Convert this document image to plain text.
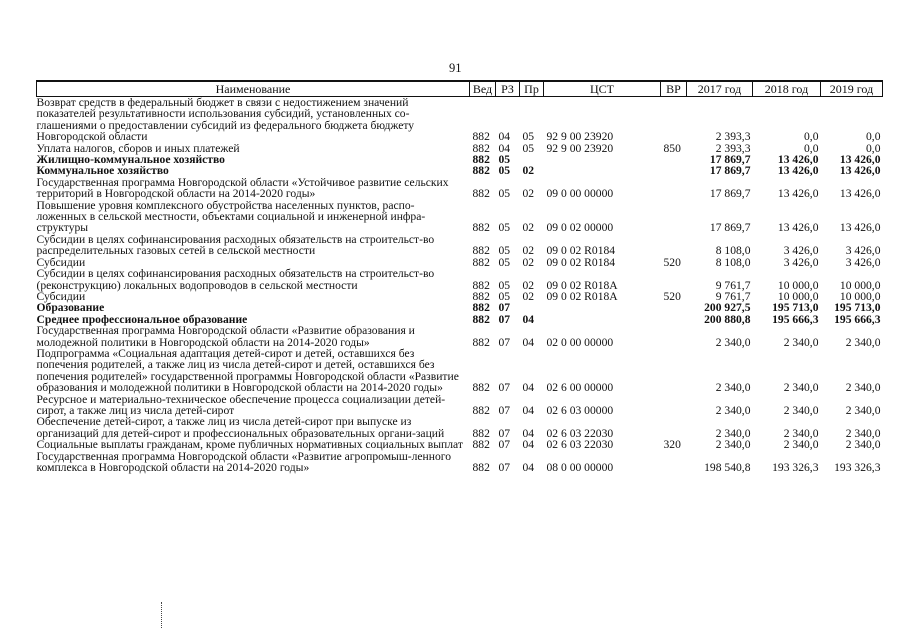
91
Наименование	Вед	РЗ	Пр	ЦСТ	ВР	2017 год	2018 год	2019 год
Возврат средств в федеральный бюджет в связи с недостижением значений показателей результативности использования субсидий, установленных со-глашениями о предоставлении субсидий из федерального бюджета бюджету Новгородской области	882	04	05	92 9 00 23920		2 393,3	0,0	0,0
Уплата налогов, сборов и иных платежей	882	04	05	92 9 00 23920	850	2 393,3	0,0	0,0
Жилищно-коммунальное хозяйство	882	05				17 869,7	13 426,0	13 426,0
Коммунальное хозяйство	882	05	02			17 869,7	13 426,0	13 426,0
Государственная программа Новгородской области «Устойчивое развитие сельских территорий в Новгородской области на 2014-2020 годы»	882	05	02	09 0 00 00000		17 869,7	13 426,0	13 426,0
Повышение уровня комплексного обустройства населенных пунктов, распо-ложенных в сельской местности, объектами социальной и инженерной инфра-структуры	882	05	02	09 0 02 00000		17 869,7	13 426,0	13 426,0
Субсидии в целях софинансирования расходных обязательств на строительст-во распределительных газовых сетей в сельской местности	882	05	02	09 0 02 R0184		8 108,0	3 426,0	3 426,0
Субсидии	882	05	02	09 0 02 R0184	520	8 108,0	3 426,0	3 426,0
Субсидии в целях софинансирования расходных обязательств на строительст-во (реконструкцию) локальных водопроводов в сельской местности	882	05	02	09 0 02 R018A		9 761,7	10 000,0	10 000,0
Субсидии	882	05	02	09 0 02 R018A	520	9 761,7	10 000,0	10 000,0
Образование	882	07				200 927,5	195 713,0	195 713,0
Среднее профессиональное образование	882	07	04			200 880,8	195 666,3	195 666,3
Государственная программа Новгородской области «Развитие образования и молодежной политики в Новгородской области на 2014-2020 годы»	882	07	04	02 0 00 00000		2 340,0	2 340,0	2 340,0
Подпрограмма «Социальная адаптация детей-сирот и детей, оставшихся без попечения родителей, а также лиц из числа детей-сирот и детей, оставшихся без попечения родителей» государственной программы Новгородской области «Развитие образования и молодежной политики в Новгородской области на 2014-2020 годы»	882	07	04	02 6 00 00000		2 340,0	2 340,0	2 340,0
Ресурсное и материально-техническое обеспечение процесса социализации детей-сирот, а также лиц из числа детей-сирот	882	07	04	02 6 03 00000		2 340,0	2 340,0	2 340,0
Обеспечение детей-сирот, а также лиц из числа детей-сирот при выпуске из организаций для детей-сирот и профессиональных образовательных органи-заций	882	07	04	02 6 03 22030		2 340,0	2 340,0	2 340,0
Социальные выплаты гражданам, кроме публичных нормативных социальных выплат	882	07	04	02 6 03 22030	320	2 340,0	2 340,0	2 340,0
Государственная программа Новгородской области «Развитие агропромыш-ленного комплекса в Новгородской области на 2014-2020 годы»	882	07	04	08 0 00 00000		198 540,8	193 326,3	193 326,3
